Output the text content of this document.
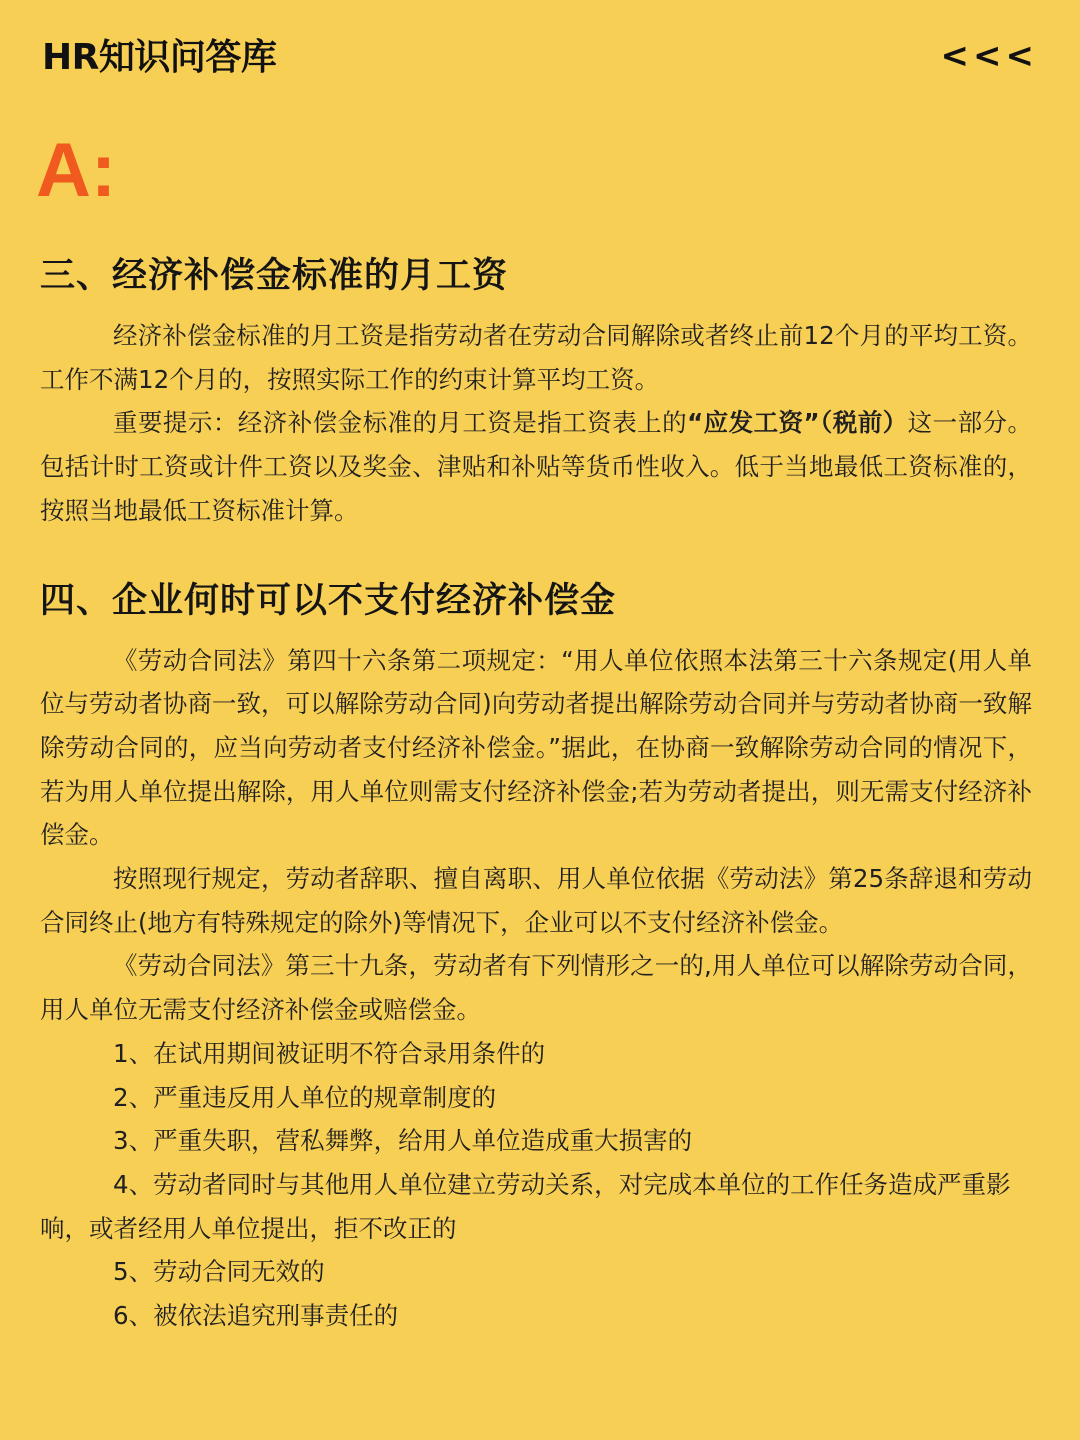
HR知识问答库	<<<
A:
三、经济补偿金标准的月工资

经济补偿金标准的月工资是指劳动者在劳动合同解除或者终止前12个月的平均工资。工作不满12个月的，按照实际工作的约束计算平均工资。

重要提示：经济补偿金标准的月工资是指工资表上的“应发工资”（税前）这一部分。包括计时工资或计件工资以及奖金、津贴和补贴等货币性收入。低于当地最低工资标准的，按照当地最低工资标准计算。

四、企业何时可以不支付经济补偿金

《劳动合同法》第四十六条第二项规定：“用人单位依照本法第三十六条规定(用人单位与劳动者协商一致，可以解除劳动合同)向劳动者提出解除劳动合同并与劳动者协商一致解除劳动合同的，应当向劳动者支付经济补偿金。”据此，在协商一致解除劳动合同的情况下，若为用人单位提出解除，用人单位则需支付经济补偿金;若为劳动者提出，则无需支付经济补偿金。

按照现行规定，劳动者辞职、擅自离职、用人单位依据《劳动法》第25条辞退和劳动合同终止(地方有特殊规定的除外)等情况下，企业可以不支付经济补偿金。

《劳动合同法》第三十九条，劳动者有下列情形之一的,用人单位可以解除劳动合同，用人单位无需支付经济补偿金或赔偿金。

1、在试用期间被证明不符合录用条件的

2、严重违反用人单位的规章制度的

3、严重失职，营私舞弊，给用人单位造成重大损害的

4、劳动者同时与其他用人单位建立劳动关系，对完成本单位的工作任务造成严重影响，或者经用人单位提出，拒不改正的

5、劳动合同无效的

6、被依法追究刑事责任的
